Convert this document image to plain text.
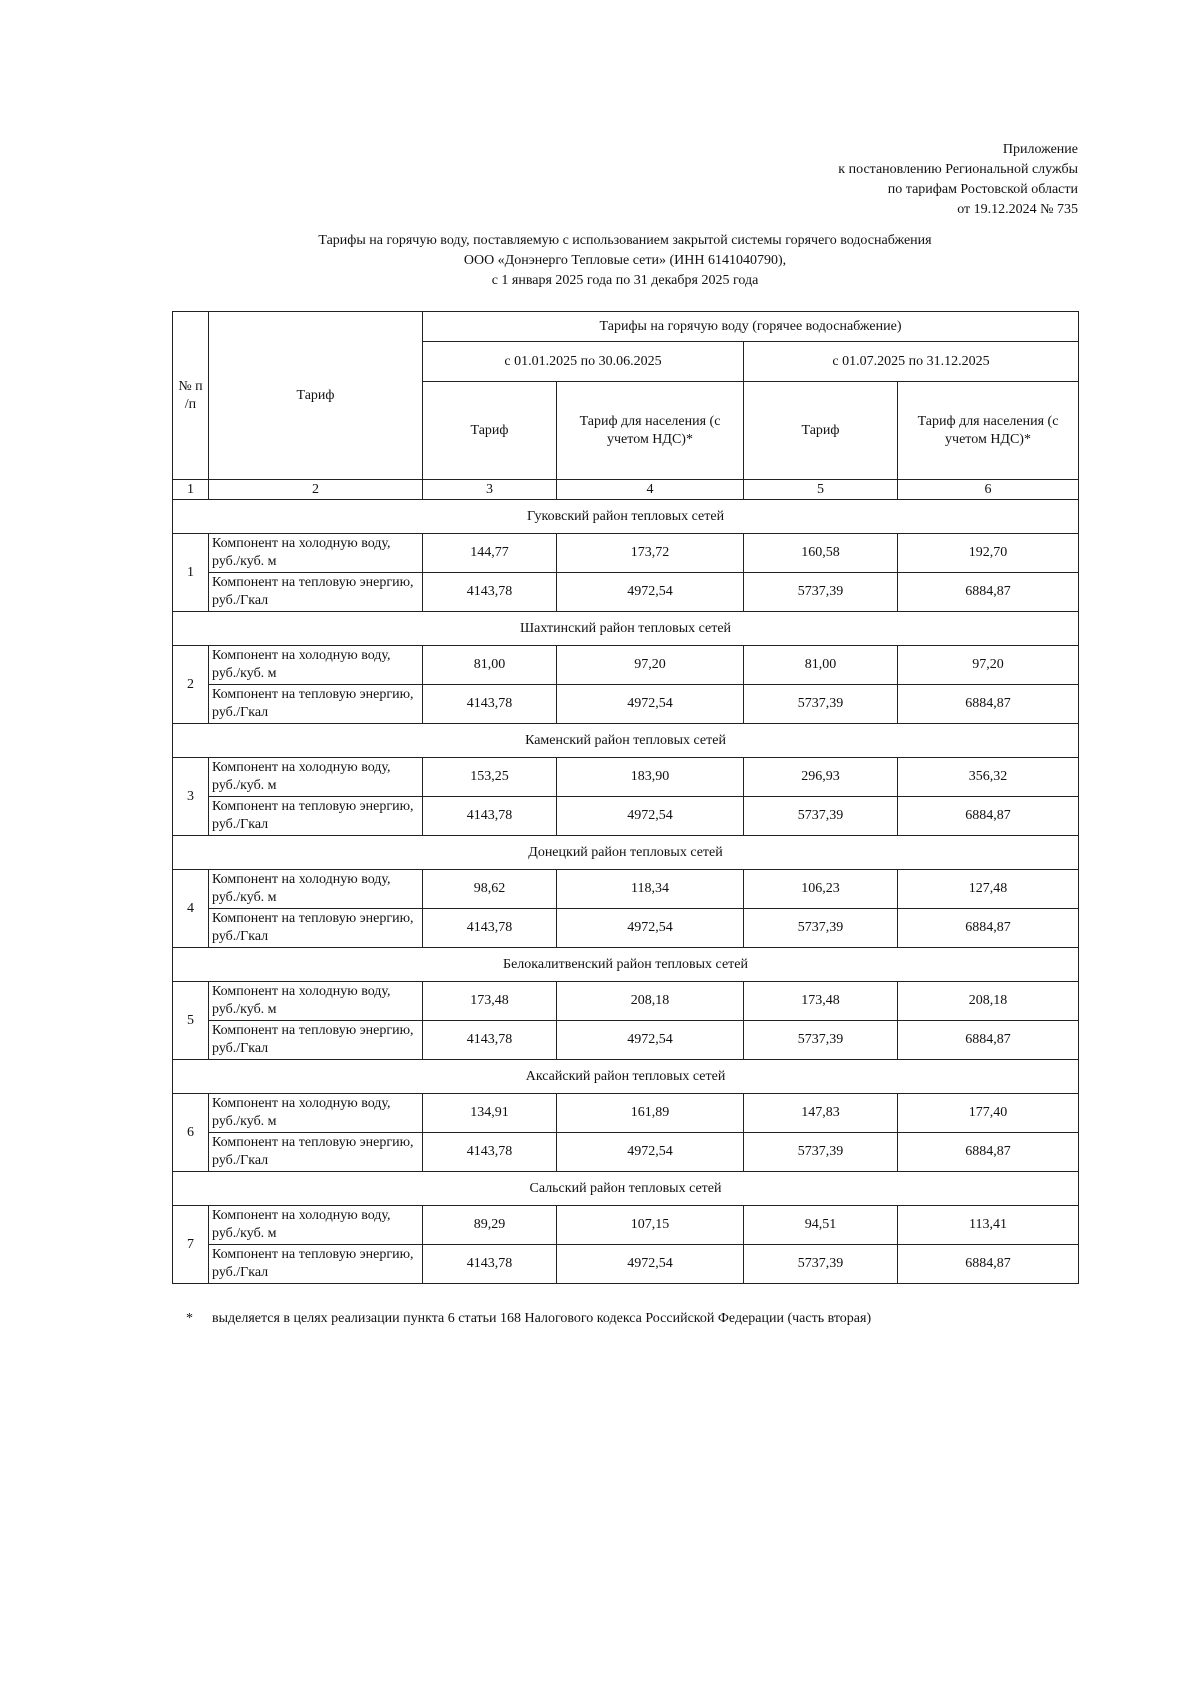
Приложение
к постановлению Региональной службы
по тарифам Ростовской области
от 19.12.2024 № 735
Тарифы на горячую воду, поставляемую с использованием закрытой системы горячего водоснабжения
ООО «Донэнерго Тепловые сети» (ИНН 6141040790),
с 1 января 2025 года по 31 декабря 2025 года
№ п /п	Тариф	Тарифы на горячую воду (горячее водоснабжение)			
		с 01.01.2025 по 30.06.2025		с 01.07.2025 по 31.12.2025	
		Тариф	Тариф для населения (с учетом НДС)*	Тариф	Тариф для населения (с учетом НДС)*
1	2	3	4	5	6
Гуковский район тепловых сетей					
1	Компонент на холодную воду, руб./куб. м	144,77	173,72	160,58	192,70
	Компонент на тепловую энергию, руб./Гкал	4143,78	4972,54	5737,39	6884,87
Шахтинский район тепловых сетей					
2	Компонент на холодную воду, руб./куб. м	81,00	97,20	81,00	97,20
	Компонент на тепловую энергию, руб./Гкал	4143,78	4972,54	5737,39	6884,87
Каменский район тепловых сетей					
3	Компонент на холодную воду, руб./куб. м	153,25	183,90	296,93	356,32
	Компонент на тепловую энергию, руб./Гкал	4143,78	4972,54	5737,39	6884,87
Донецкий район тепловых сетей					
4	Компонент на холодную воду, руб./куб. м	98,62	118,34	106,23	127,48
	Компонент на тепловую энергию, руб./Гкал	4143,78	4972,54	5737,39	6884,87
Белокалитвенский район тепловых сетей					
5	Компонент на холодную воду, руб./куб. м	173,48	208,18	173,48	208,18
	Компонент на тепловую энергию, руб./Гкал	4143,78	4972,54	5737,39	6884,87
Аксайский район тепловых сетей					
6	Компонент на холодную воду, руб./куб. м	134,91	161,89	147,83	177,40
	Компонент на тепловую энергию, руб./Гкал	4143,78	4972,54	5737,39	6884,87
Сальский район тепловых сетей					
7	Компонент на холодную воду, руб./куб. м	89,29	107,15	94,51	113,41
	Компонент на тепловую энергию, руб./Гкал	4143,78	4972,54	5737,39	6884,87
* выделяется в целях реализации пункта 6 статьи 168 Налогового кодекса Российской Федерации (часть вторая)
